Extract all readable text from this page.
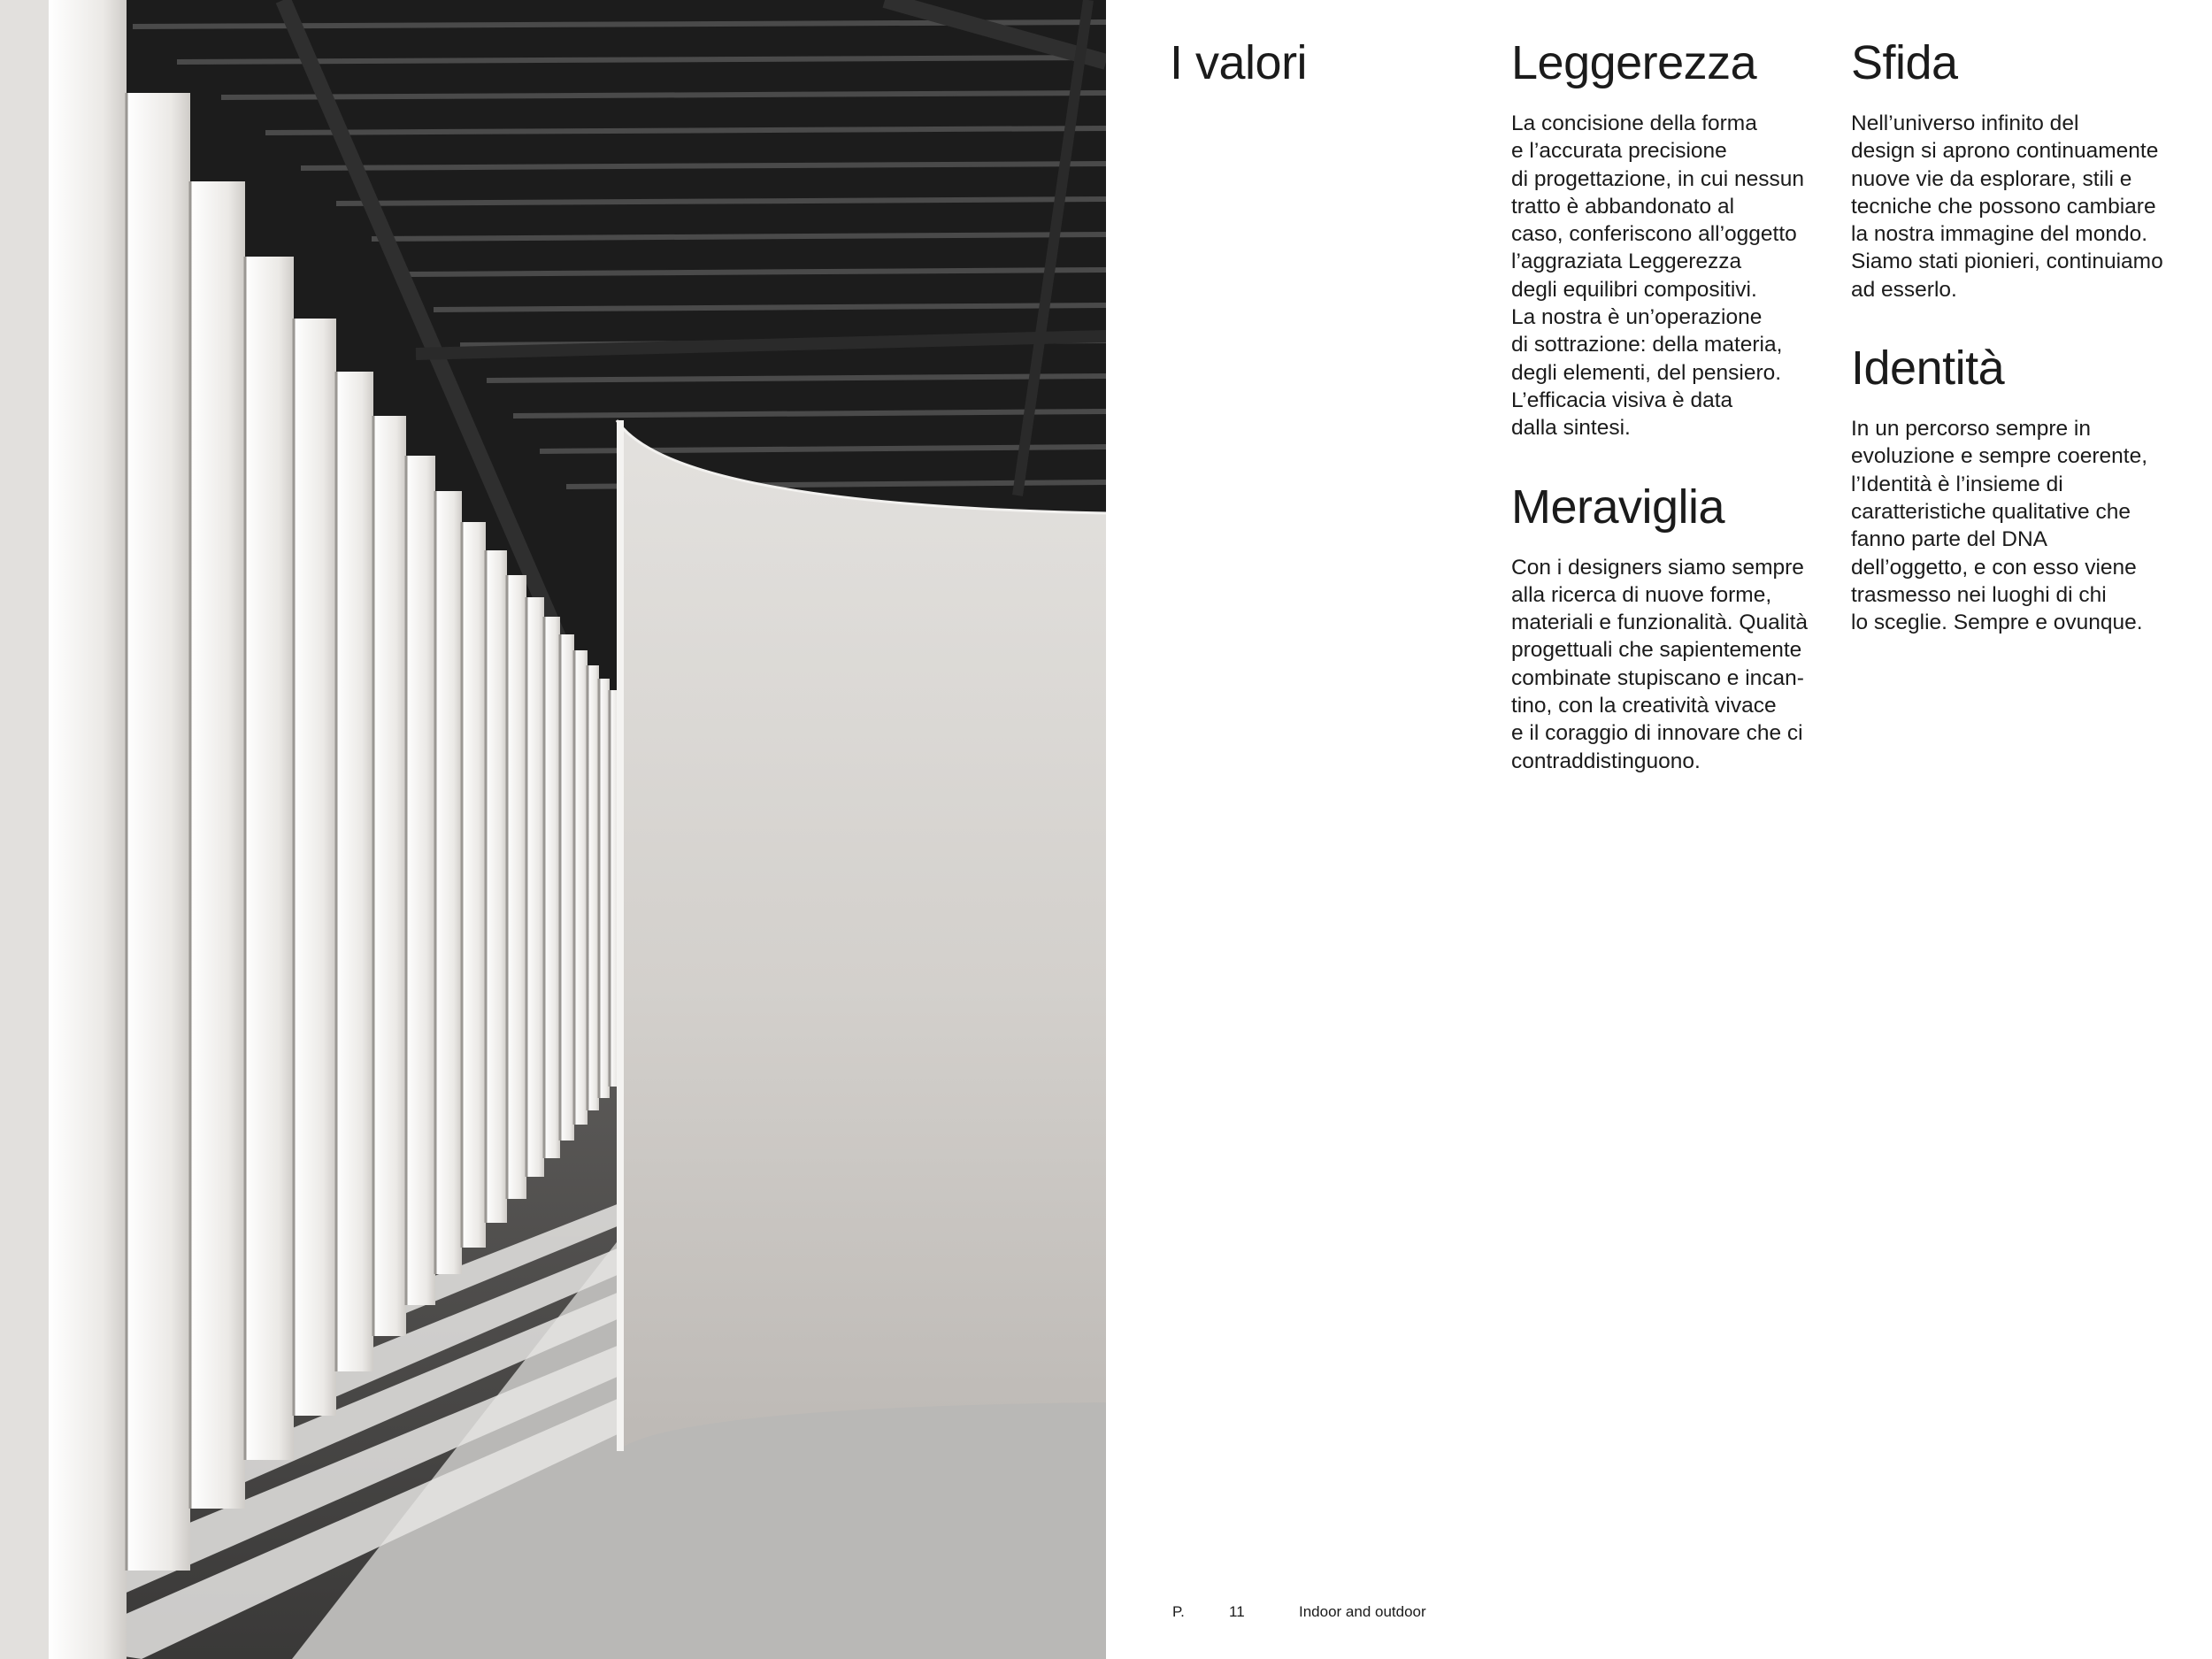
I valori	Leggerezza

La concisione della forma
e l’accurata precisione
di progettazione, in cui nessun
tratto è abbandonato al
caso, conferiscono all’oggetto
l’aggraziata Leggerezza
degli equilibri compositivi.
La nostra è un’operazione
di sottrazione: della materia,
degli elementi, del pensiero.
L’efficacia visiva è data
dalla sintesi.

Meraviglia

Con i designers siamo sempre
alla ricerca di nuove forme,
materiali e funzionalità. Qualità
progettuali che sapientemente
combinate stupiscano e incan-
tino, con la creatività vivace
e il coraggio di innovare che ci
contraddistinguono.

Sfida

Nell’universo infinito del
design si aprono continuamente
nuove vie da esplorare, stili e
tecniche che possono cambiare
la nostra immagine del mondo.
Siamo stati pionieri, continuiamo
ad esserlo.

Identità

In un percorso sempre in
evoluzione e sempre coerente,
l’Identità è l’insieme di
caratteristiche qualitative che
fanno parte del DNA
dell’oggetto, e con esso viene
trasmesso nei luoghi di chi
lo sceglie. Sempre e ovunque.

P.	11	Indoor and outdoor
